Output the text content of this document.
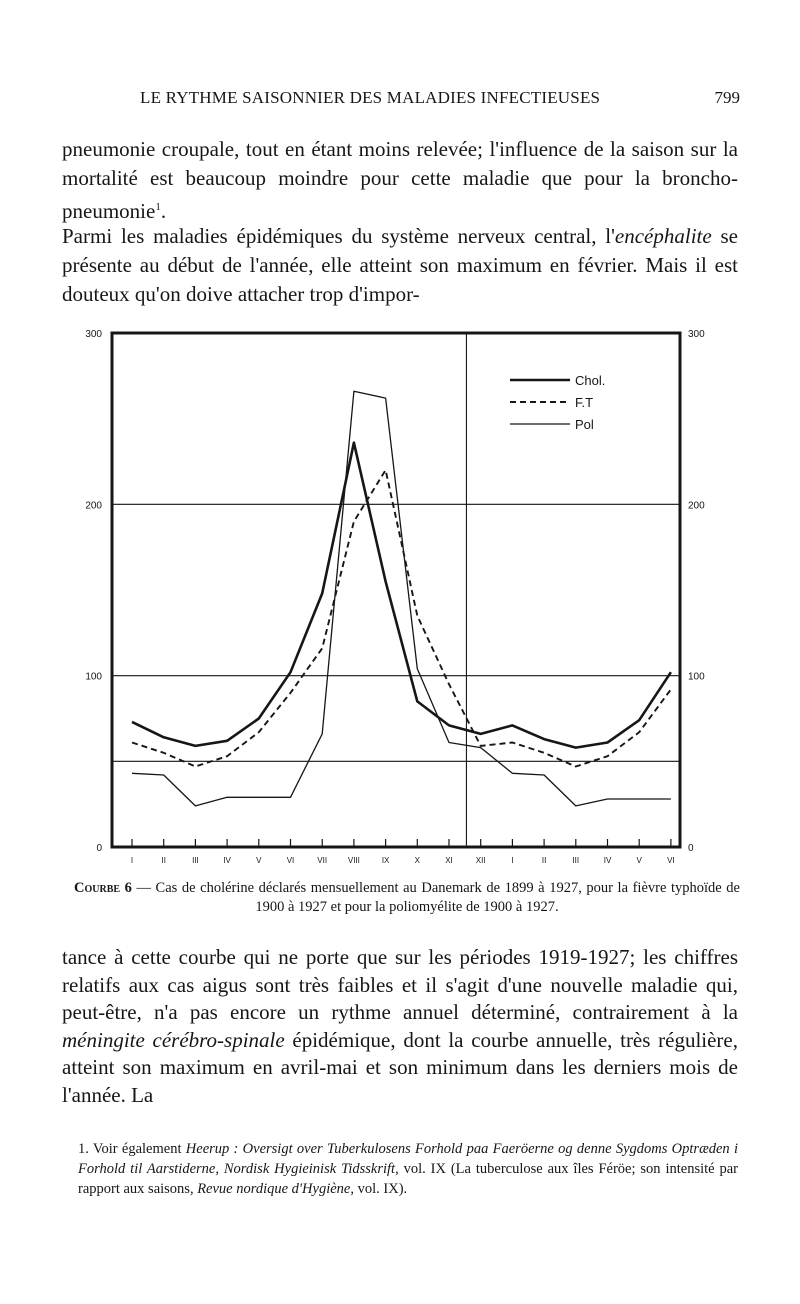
LE RYTHME SAISONNIER DES MALADIES INFECTIEUSES	799

pneumonie croupale, tout en étant moins relevée; l'influence de la saison sur la mortalité est beaucoup moindre pour cette maladie que pour la broncho-pneumonie$^1$.

Parmi les maladies épidémiques du système nerveux central, l'encéphalite se présente au début de l'année, elle atteint son maximum en février. Mais il est douteux qu'on doive attacher trop d'impor-

300	300
200	200
100	100
0	0
I	II	III	IV	V	VI	VII	VIII	IX	X	XI	XII	I	II	III	IV	V	VI
Chol.
F.T
Pol

Courbe 6 — Cas de cholérine déclarés mensuellement au Danemark de 1899 à 1927, pour la fièvre typhoïde de 1900 à 1927 et pour la poliomyélite de 1900 à 1927.

tance à cette courbe qui ne porte que sur les périodes 1919-1927; les chiffres relatifs aux cas aigus sont très faibles et il s'agit d'une nouvelle maladie qui, peut-être, n'a pas encore un rythme annuel déterminé, contrairement à la méningite cérébro-spinale épidémique, dont la courbe annuelle, très régulière, atteint son maximum en avril-mai et son minimum dans les derniers mois de l'année. La

1. Voir également Heerup : Oversigt over Tuberkulosens Forhold paa Faeröerne og denne Sygdoms Optræden i Forhold til Aarstiderne, Nordisk Hygieinisk Tidsskrift, vol. IX (La tuberculose aux îles Féröe; son intensité par rapport aux saisons, Revue nordique d'Hygiène, vol. IX).
